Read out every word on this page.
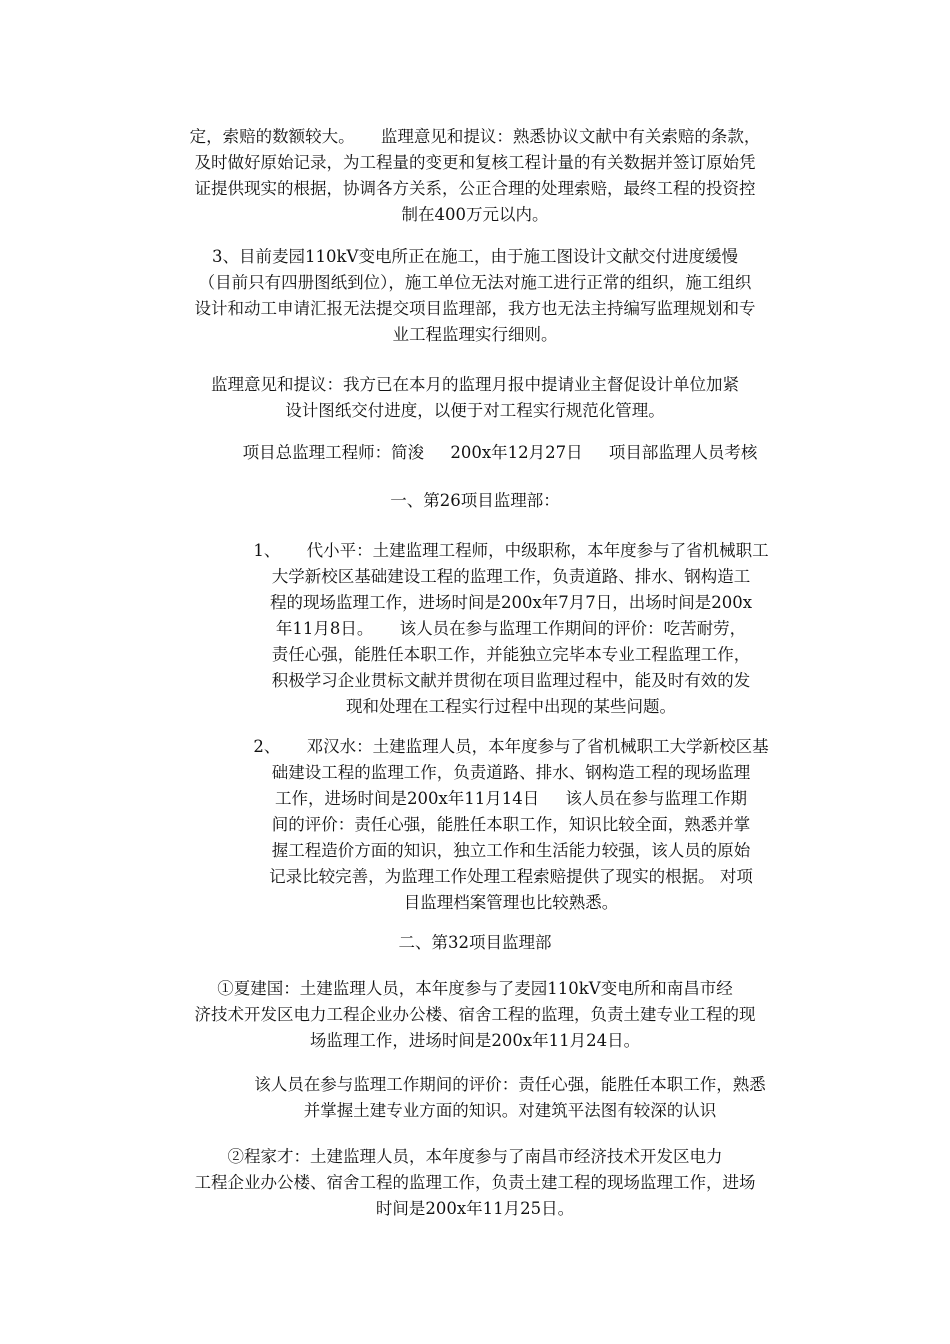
定，索赔的数额较大。     监理意见和提议：熟悉协议文献中有关索赔的条款，
及时做好原始记录，为工程量的变更和复核工程计量的有关数据并签订原始凭
证提供现实的根据，协调各方关系，公正合理的处理索赔，最终工程的投资控
制在400万元以内。
3、目前麦园110kV变电所正在施工，由于施工图设计文献交付进度缓慢
（目前只有四册图纸到位），施工单位无法对施工进行正常的组织，施工组织
设计和动工申请汇报无法提交项目监理部，我方也无法主持编写监理规划和专
业工程监理实行细则。
监理意见和提议：我方已在本月的监理月报中提请业主督促设计单位加紧
设计图纸交付进度，以便于对工程实行规范化管理。
项目总监理工程师：简浚     200x年12月27日     项目部监理人员考核
一、第26项目监理部：
1、     代小平：土建监理工程师，中级职称，本年度参与了省机械职工
大学新校区基础建设工程的监理工作，负责道路、排水、钢构造工
程的现场监理工作，进场时间是200x年7月7日，出场时间是200x
年11月8日。     该人员在参与监理工作期间的评价：吃苦耐劳，
责任心强，能胜任本职工作，并能独立完毕本专业工程监理工作，
积极学习企业贯标文献并贯彻在项目监理过程中，能及时有效的发
现和处理在工程实行过程中出现的某些问题。
2、     邓汉水：土建监理人员，本年度参与了省机械职工大学新校区基
础建设工程的监理工作，负责道路、排水、钢构造工程的现场监理
工作，进场时间是200x年11月14日     该人员在参与监理工作期
间的评价：责任心强，能胜任本职工作，知识比较全面，熟悉并掌
握工程造价方面的知识，独立工作和生活能力较强，该人员的原始
记录比较完善，为监理工作处理工程索赔提供了现实的根据。 对项
目监理档案管理也比较熟悉。
二、第32项目监理部
①夏建国：土建监理人员，本年度参与了麦园110kV变电所和南昌市经
济技术开发区电力工程企业办公楼、宿舍工程的监理，负责土建专业工程的现
场监理工作，进场时间是200x年11月24日。
该人员在参与监理工作期间的评价：责任心强，能胜任本职工作，熟悉
并掌握土建专业方面的知识。对建筑平法图有较深的认识
②程家才：土建监理人员，本年度参与了南昌市经济技术开发区电力
工程企业办公楼、宿舍工程的监理工作，负责土建工程的现场监理工作，进场
时间是200x年11月25日。
